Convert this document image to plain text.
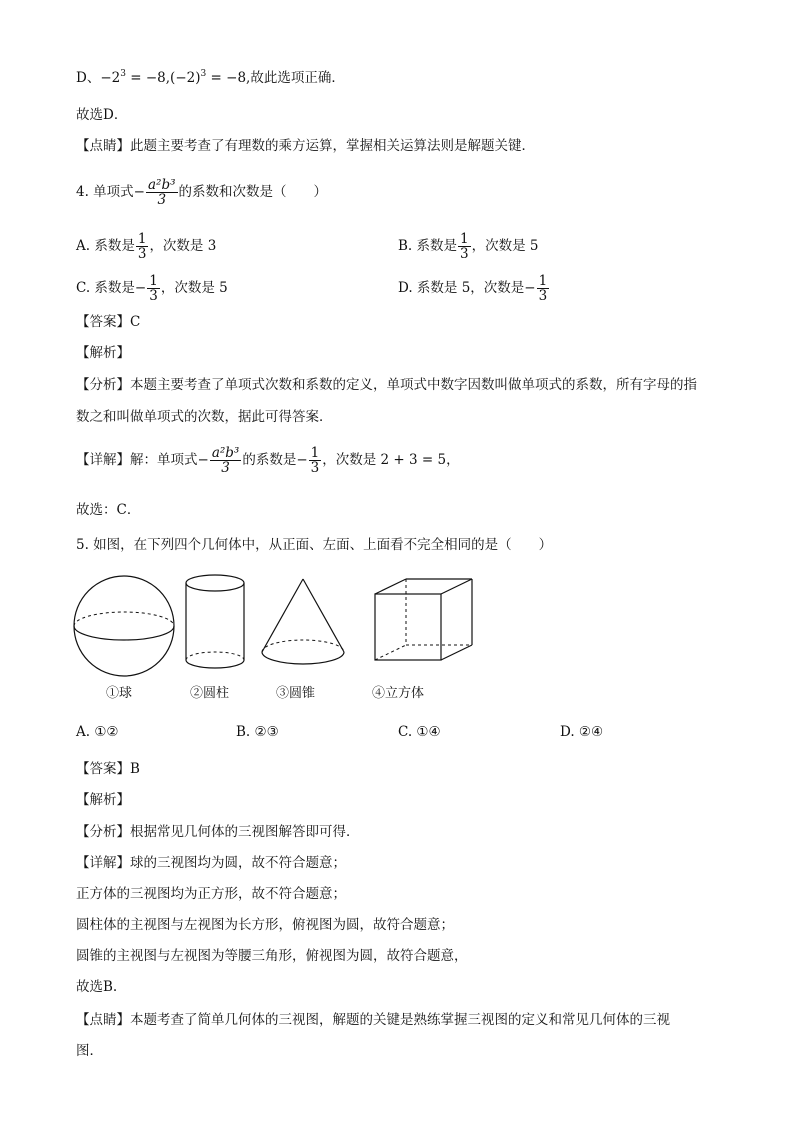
D、$-2^3 = -8,(-2)^3 = -8$,故此选项正确．
故选D．
【点睛】此题主要考查了有理数的乘方运算，掌握相关运算法则是解题关键．
4. 单项式− $\frac{\text{a²b³}}{3}$ 的系数和次数是（　　）
A. 系数是 $\frac{1}{3}$ ，次数是 3	B. 系数是 $\frac{1}{3}$ ，次数是 5
C. 系数是− $\frac{1}{3}$ ，次数是 5	D. 系数是 5，次数是− $\frac{1}{3}$
【答案】C
【解析】
【分析】本题主要考查了单项式次数和系数的定义，单项式中数字因数叫做单项式的系数，所有字母的指
数之和叫做单项式的次数，据此可得答案．
【详解】解：单项式− $\frac{\text{a²b³}}{3}$ 的系数是− $\frac{1}{3}$ ，次数是 2 + 3 = 5，
故选：C．
5. 如图，在下列四个几何体中，从正面、左面、上面看不完全相同的是（　　）
①球	②圆柱	③圆锥	④立方体
A. ①②	B. ②③	C. ①④	D. ②④
【答案】B
【解析】
【分析】根据常见几何体的三视图解答即可得．
【详解】球的三视图均为圆，故不符合题意；
正方体的三视图均为正方形，故不符合题意；
圆柱体的主视图与左视图为长方形，俯视图为圆，故符合题意；
圆锥的主视图与左视图为等腰三角形，俯视图为圆，故符合题意，
故选B.
【点睛】本题考查了简单几何体的三视图，解题的关键是熟练掌握三视图的定义和常见几何体的三视
图．
